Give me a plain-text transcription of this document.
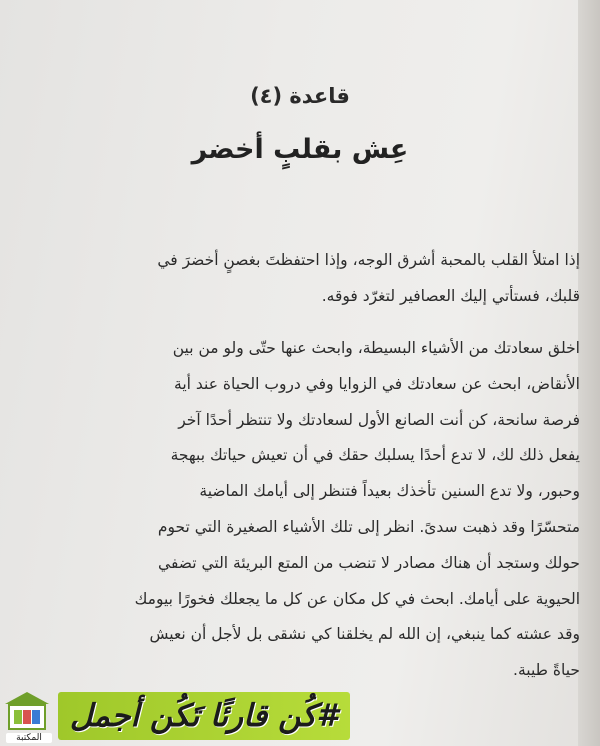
قاعدة (٤)
عِش بقلبٍ أخضر
إذا امتلأ القلب بالمحبة أشرق الوجه، وإذا احتفظتَ بغصنٍ أخضرَ في
قلبك، فستأتي إليك العصافير لتغرّد فوقه.
اخلق سعادتك من الأشياء البسيطة، وابحث عنها حتّى ولو من بين
الأنقاض، ابحث عن سعادتك في الزوايا وفي دروب الحياة عند أية
فرصة سانحة، كن أنت الصانع الأول لسعادتك ولا تنتظر أحدًا آخر
يفعل ذلك لك، لا تدع أحدًا يسلبك حقك في أن تعيش حياتك ببهجة
وحبور، ولا تدع السنين تأخذك بعيداً فتنظر إلى أيامك الماضية
متحسّرًا وقد ذهبت سدىً. انظر إلى تلك الأشياء الصغيرة التي تحوم
حولك وستجد أن هناك مصادر لا تنضب من المتع البريئة التي تضفي
الحيوية على أيامك. ابحث في كل مكان عن كل ما يجعلك فخورًا بيومك
وقد عشته كما ينبغي، إن الله لم يخلقنا كي نشقى بل لأجل أن نعيش
حياةً طيبة.
المكتبة
#كُن قارئًا تَكُن أجمل
